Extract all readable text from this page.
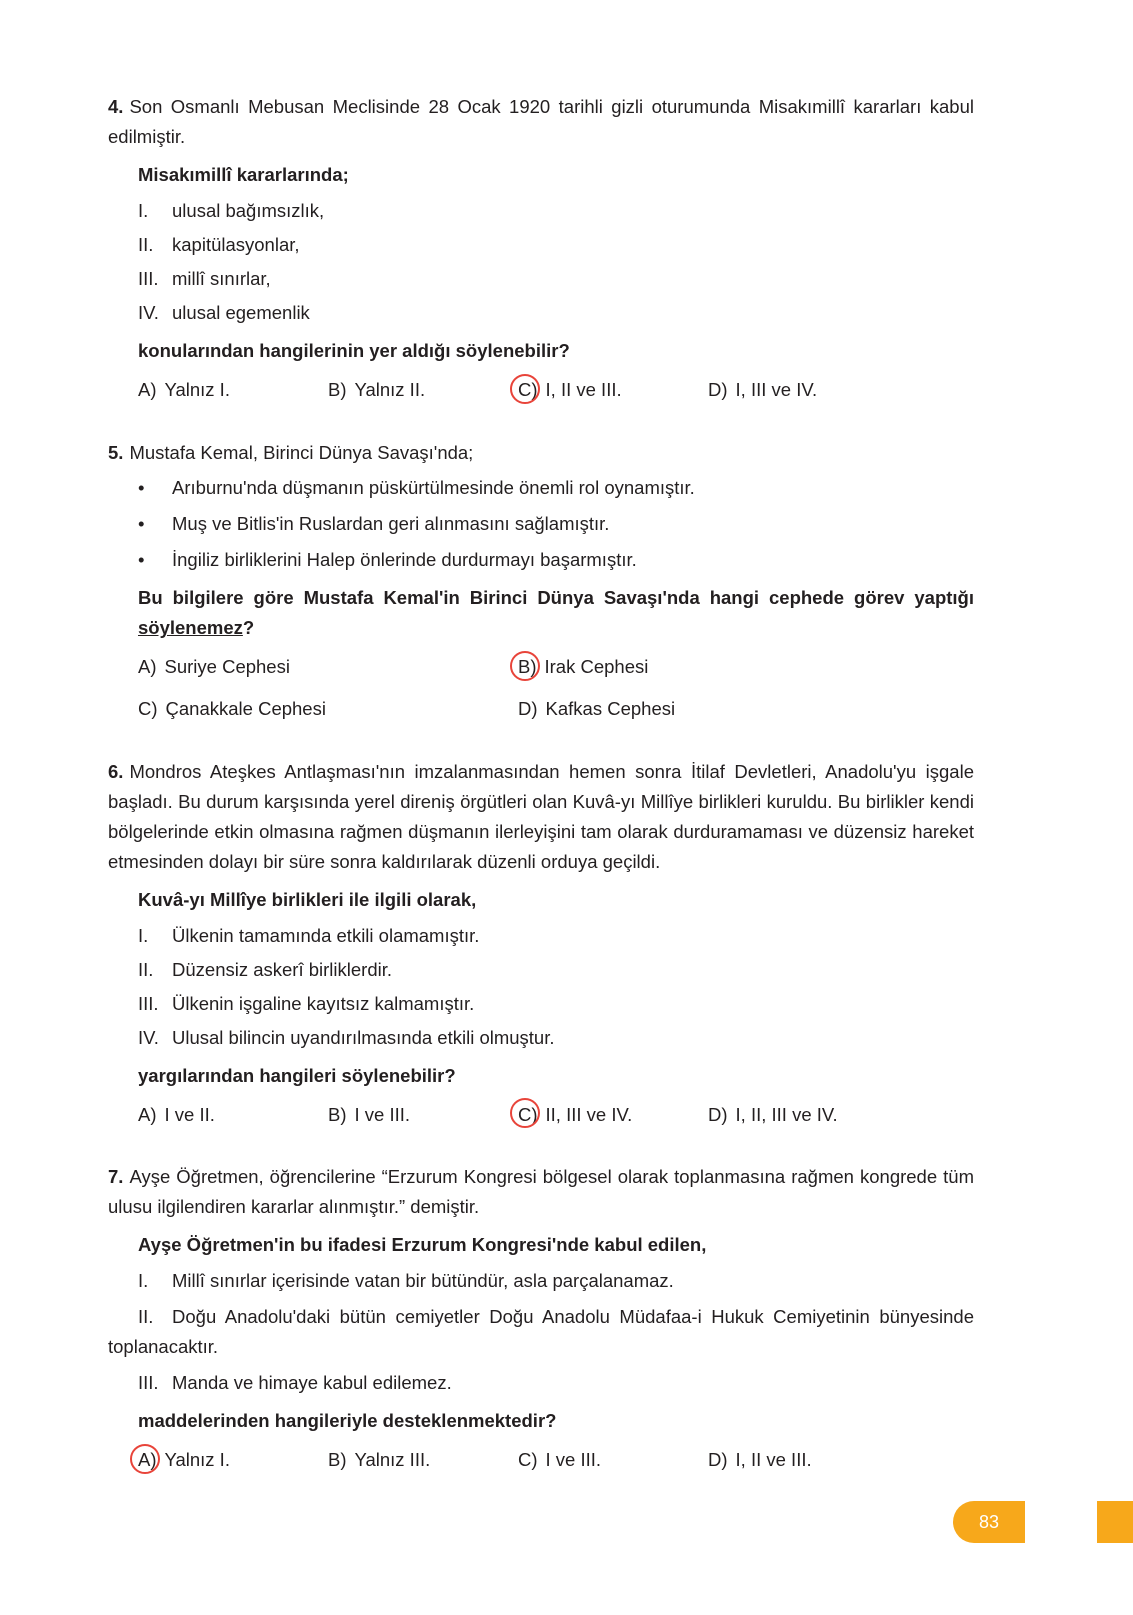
4. Son Osmanlı Mebusan Meclisinde 28 Ocak 1920 tarihli gizli oturumunda Misakımillî kararları kabul edilmiştir.

Misakımillî kararlarında;
I.	ulusal bağımsızlık,
II.	kapitülasyonlar,
III. millî sınırlar,
IV. ulusal egemenlik
konularından hangilerinin yer aldığı söylenebilir?
A) Yalnız I.	B) Yalnız II.	C) I, II ve III.	D) I, III ve IV.

5. Mustafa Kemal, Birinci Dünya Savaşı'nda;

•	Arıburnu'nda düşmanın püskürtülmesinde önemli rol oynamıştır.
•	Muş ve Bitlis'in Ruslardan geri alınmasını sağlamıştır.
•	İngiliz birliklerini Halep önlerinde durdurmayı başarmıştır.
Bu bilgilere göre Mustafa Kemal'in Birinci Dünya Savaşı'nda hangi cephede görev yaptığı söylenemez?
A) Suriye Cephesi	B) Irak Cephesi
C) Çanakkale Cephesi	D) Kafkas Cephesi

6. Mondros Ateşkes Antlaşması'nın imzalanmasından hemen sonra İtilaf Devletleri, Anadolu'yu işgale başladı. Bu durum karşısında yerel direniş örgütleri olan Kuvâ-yı Millîye birlikleri kuruldu. Bu birlikler kendi bölgelerinde etkin olmasına rağmen düşmanın ilerleyişini tam olarak durduramaması ve düzensiz hareket etmesinden dolayı bir süre sonra kaldırılarak düzenli orduya geçildi.

Kuvâ-yı Millîye birlikleri ile ilgili olarak,
I.	Ülkenin tamamında etkili olamamıştır.
II.	Düzensiz askerî birliklerdir.
III. Ülkenin işgaline kayıtsız kalmamıştır.
IV. Ulusal bilincin uyandırılmasında etkili olmuştur.
yargılarından hangileri söylenebilir?
A) I ve II.	B) I ve III.	C) II, III ve IV.	D) I, II, III ve IV.

7. Ayşe Öğretmen, öğrencilerine “Erzurum Kongresi bölgesel olarak toplanmasına rağmen kongrede tüm ulusu ilgilendiren kararlar alınmıştır.” demiştir.

Ayşe Öğretmen'in bu ifadesi Erzurum Kongresi'nde kabul edilen,
I.	Millî sınırlar içerisinde vatan bir bütündür, asla parçalanamaz.

II. Doğu Anadolu'daki bütün cemiyetler Doğu Anadolu Müdafaa-i Hukuk Cemiyetinin bünyesinde toplanacaktır.

III. Manda ve himaye kabul edilemez.
maddelerinden hangileriyle desteklenmektedir?
A) Yalnız I.	B) Yalnız III.	C) I ve III.	D) I, II ve III.
83
